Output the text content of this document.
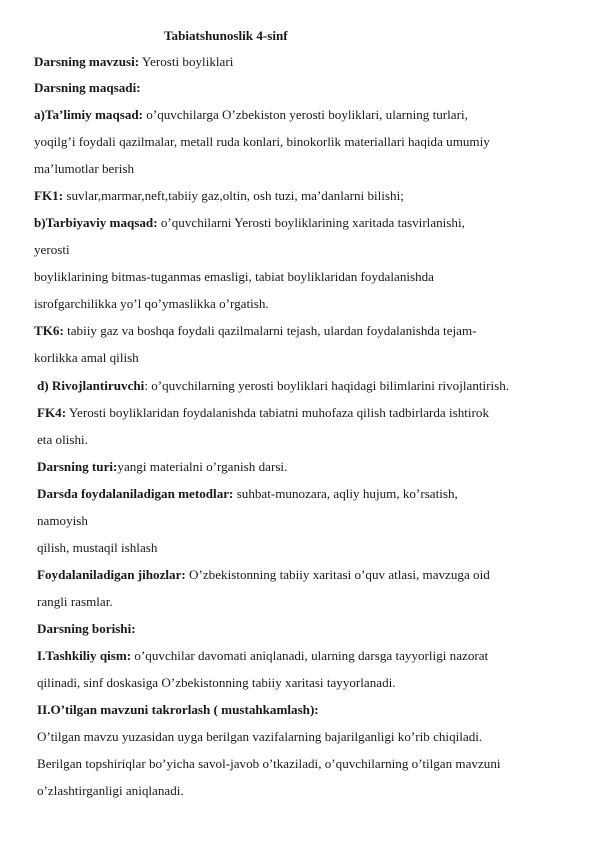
Tabiatshunoslik 4-sinf
Darsning mavzusi: Yerosti boyliklari
Darsning maqsadi:
a)Ta’limiy maqsad: o’quvchilarga O’zbekiston yerosti boyliklari, ularning turlari,
yoqilg’i foydali qazilmalar, metall ruda konlari, binokorlik materiallari haqida umumiy
ma’lumotlar berish
FK1: suvlar,marmar,neft,tabiiy gaz,oltin, osh tuzi, ma’danlarni bilishi;
b)Tarbiyaviy maqsad: o’quvchilarni Yerosti boyliklarining xaritada tasvirlanishi,
yerosti
boyliklarining bitmas-tuganmas emasligi, tabiat boyliklaridan foydalanishda
isrofgarchilikka yo’l qo’ymaslikka o’rgatish.
TK6: tabiiy gaz va boshqa foydali qazilmalarni tejash, ulardan foydalanishda tejam-
korlikka amal qilish
d) Rivojlantiruvchi: o’quvchilarning yerosti boyliklari haqidagi bilimlarini rivojlantirish.
FK4: Yerosti boyliklaridan foydalanishda tabiatni muhofaza qilish tadbirlarda ishtirok
eta olishi.
Darsning turi:yangi materialni o’rganish darsi.
Darsda foydalaniladigan metodlar: suhbat-munozara, aqliy hujum, ko’rsatish,
namoyish
qilish, mustaqil ishlash
Foydalaniladigan jihozlar: O’zbekistonning tabiiy xaritasi o’quv atlasi, mavzuga oid
rangli rasmlar.
Darsning borishi:
I.Tashkiliy qism: o’quvchilar davomati aniqlanadi, ularning darsga tayyorligi nazorat
qilinadi, sinf doskasiga O’zbekistonning tabiiy xaritasi tayyorlanadi.
II.O’tilgan mavzuni takrorlash ( mustahkamlash):
O’tilgan mavzu yuzasidan uyga berilgan vazifalarning bajarilganligi ko’rib chiqiladi.
Berilgan topshiriqlar bo’yicha savol-javob o’tkaziladi, o’quvchilarning o’tilgan mavzuni
o’zlashtirganligi aniqlanadi.
